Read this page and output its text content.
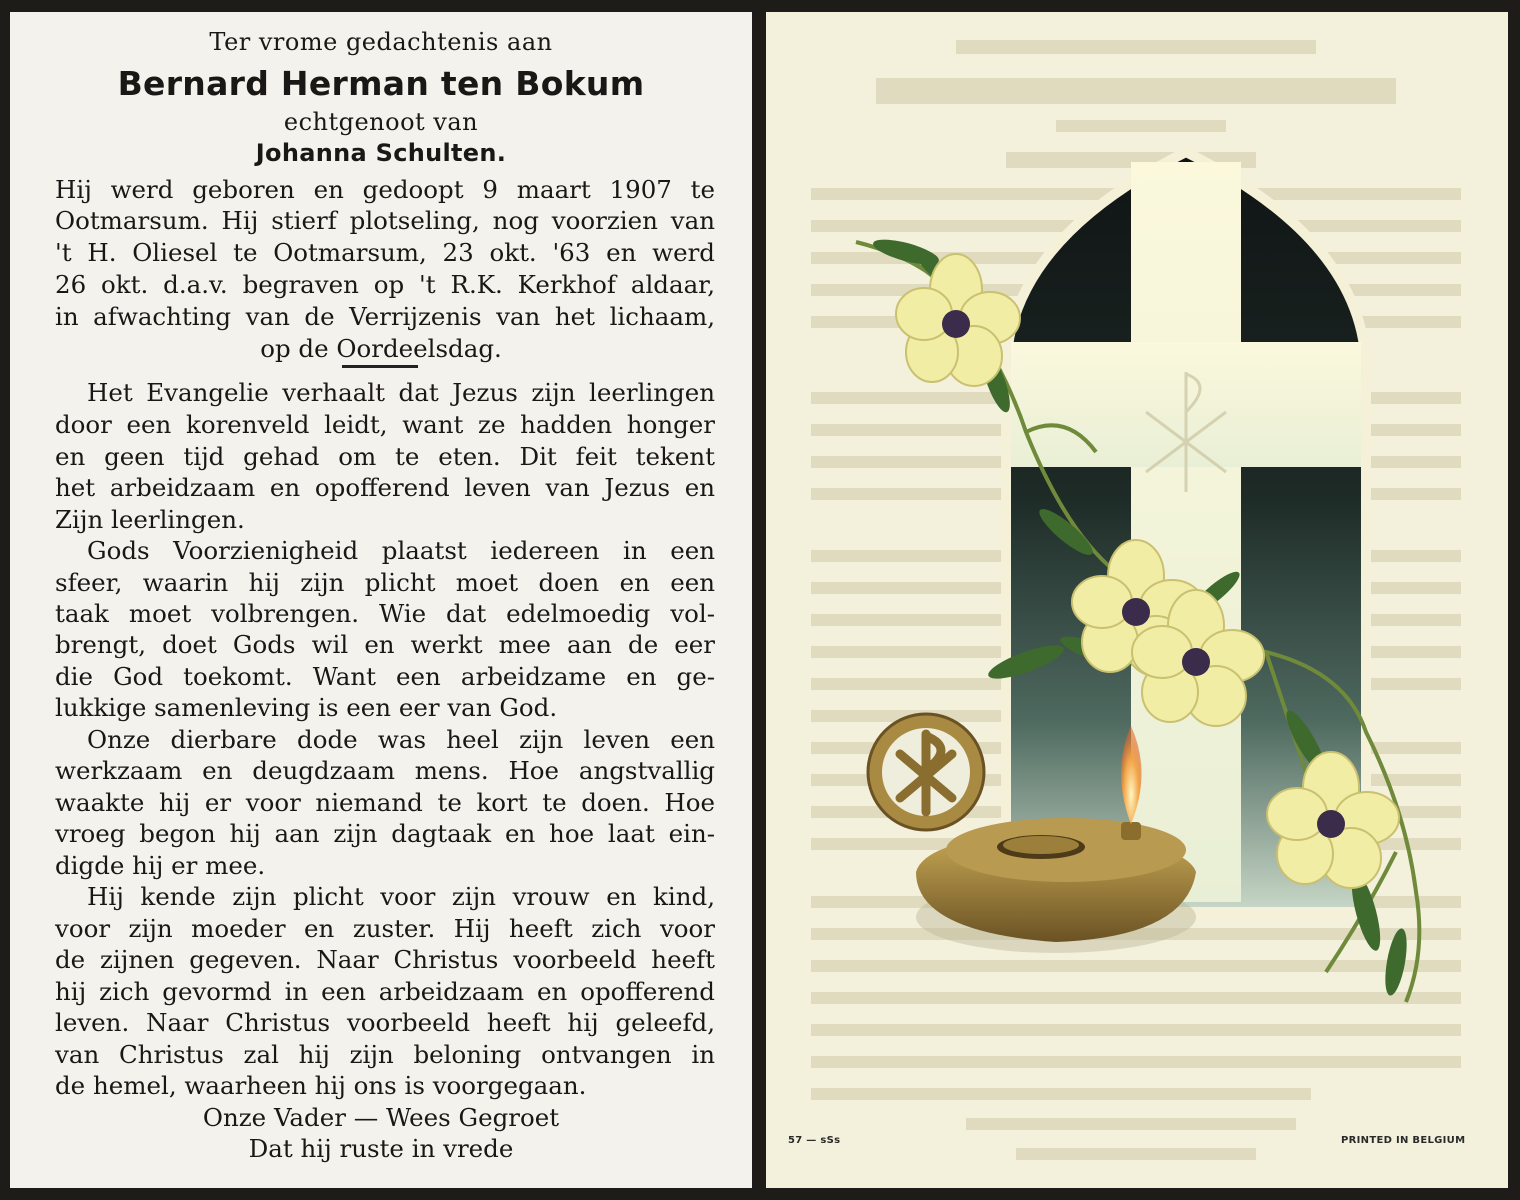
Ter vrome gedachtenis aan
Bernard Herman ten Bokum
echtgenoot van
Johanna Schulten.
Hij werd geboren en gedoopt 9 maart 1907 te
Ootmarsum. Hij stierf plotseling, nog voorzien van
't H. Oliesel te Ootmarsum, 23 okt. '63 en werd
26 okt. d.a.v. begraven op 't R.K. Kerkhof aldaar,
in afwachting van de Verrijzenis van het lichaam,
op de Oordeelsdag.
Het Evangelie verhaalt dat Jezus zijn leerlingen
door een korenveld leidt, want ze hadden honger
en geen tijd gehad om te eten. Dit feit tekent
het arbeidzaam en opofferend leven van Jezus en
Zijn leerlingen.
Gods Voorzienigheid plaatst iedereen in een
sfeer, waarin hij zijn plicht moet doen en een
taak moet volbrengen. Wie dat edelmoedig vol-
brengt, doet Gods wil en werkt mee aan de eer
die God toekomt. Want een arbeidzame en ge-
lukkige samenleving is een eer van God.
Onze dierbare dode was heel zijn leven een
werkzaam en deugdzaam mens. Hoe angstvallig
waakte hij er voor niemand te kort te doen. Hoe
vroeg begon hij aan zijn dagtaak en hoe laat ein-
digde hij er mee.
Hij kende zijn plicht voor zijn vrouw en kind,
voor zijn moeder en zuster. Hij heeft zich voor
de zijnen gegeven. Naar Christus voorbeeld heeft
hij zich gevormd in een arbeidzaam en opofferend
leven. Naar Christus voorbeeld heeft hij geleefd,
van Christus zal hij zijn beloning ontvangen in
de hemel, waarheen hij ons is voorgegaan.
Onze Vader — Wees Gegroet
Dat hij ruste in vrede	57 — sSs	PRINTED IN BELGIUM
